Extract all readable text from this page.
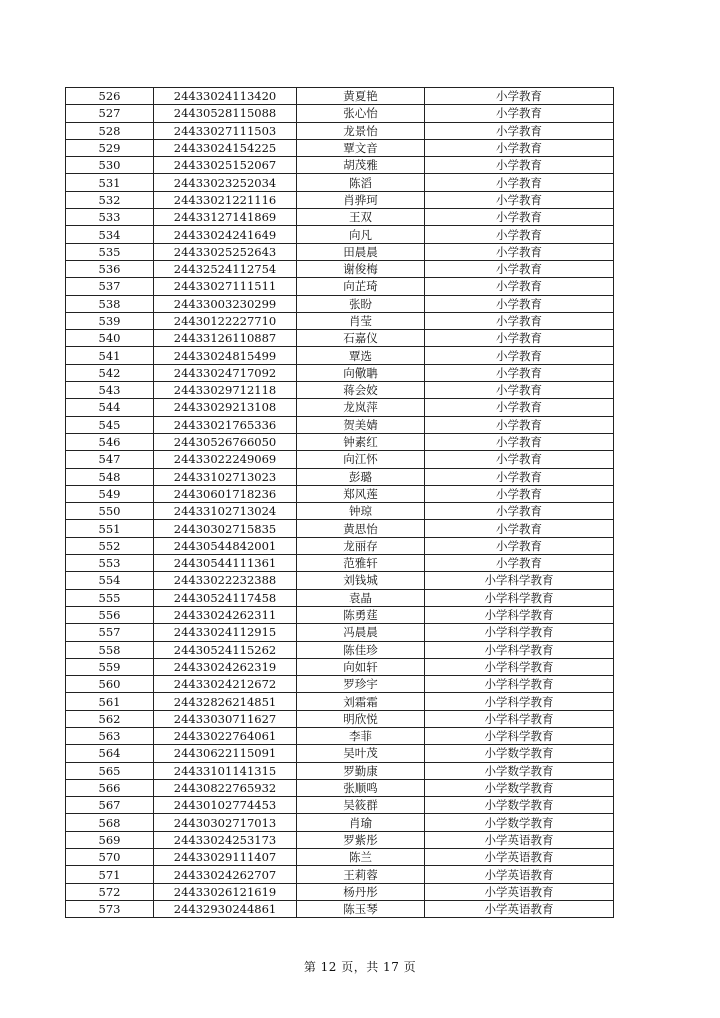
526	24433024113420	黄夏艳	小学教育
527	24430528115088	张心怡	小学教育
528	24433027111503	龙景怡	小学教育
529	24433024154225	覃文音	小学教育
530	24433025152067	胡茂雅	小学教育
531	24433023252034	陈滔	小学教育
532	24433021221116	肖骅珂	小学教育
533	24433127141869	王双	小学教育
534	24433024241649	向凡	小学教育
535	24433025252643	田晨晨	小学教育
536	24432524112754	谢俊梅	小学教育
537	24433027111511	向芷琦	小学教育
538	24433003230299	张盼	小学教育
539	24430122227710	肖莹	小学教育
540	24433126110887	石嘉仪	小学教育
541	24433024815499	覃选	小学教育
542	24433024717092	向儆聃	小学教育
543	24433029712118	蒋会姣	小学教育
544	24433029213108	龙岚萍	小学教育
545	24433021765336	贺美婧	小学教育
546	24430526766050	钟素红	小学教育
547	24433022249069	向江怀	小学教育
548	24433102713023	彭璐	小学教育
549	24430601718236	郑风莲	小学教育
550	24433102713024	钟琼	小学教育
551	24430302715835	黄思怡	小学教育
552	24430544842001	龙丽存	小学教育
553	24430544111361	范雅轩	小学教育
554	24433022232388	刘钱城	小学科学教育
555	24430524117458	袁晶	小学科学教育
556	24433024262311	陈勇莛	小学科学教育
557	24433024112915	冯晨晨	小学科学教育
558	24430524115262	陈佳珍	小学科学教育
559	24433024262319	向如轩	小学科学教育
560	24433024212672	罗珍宇	小学科学教育
561	24432826214851	刘霜霜	小学科学教育
562	24433030711627	明欣悦	小学科学教育
563	24433022764061	李菲	小学科学教育
564	24430622115091	吴叶茂	小学数学教育
565	24433101141315	罗勤康	小学数学教育
566	24430822765932	张顺鸣	小学数学教育
567	24430102774453	吴筱群	小学数学教育
568	24430302717013	肖瑜	小学数学教育
569	24433024253173	罗紫彤	小学英语教育
570	24433029111407	陈兰	小学英语教育
571	24433024262707	王莉蓉	小学英语教育
572	24433026121619	杨丹彤	小学英语教育
573	24432930244861	陈玉琴	小学英语教育
第 12 页，共 17 页
